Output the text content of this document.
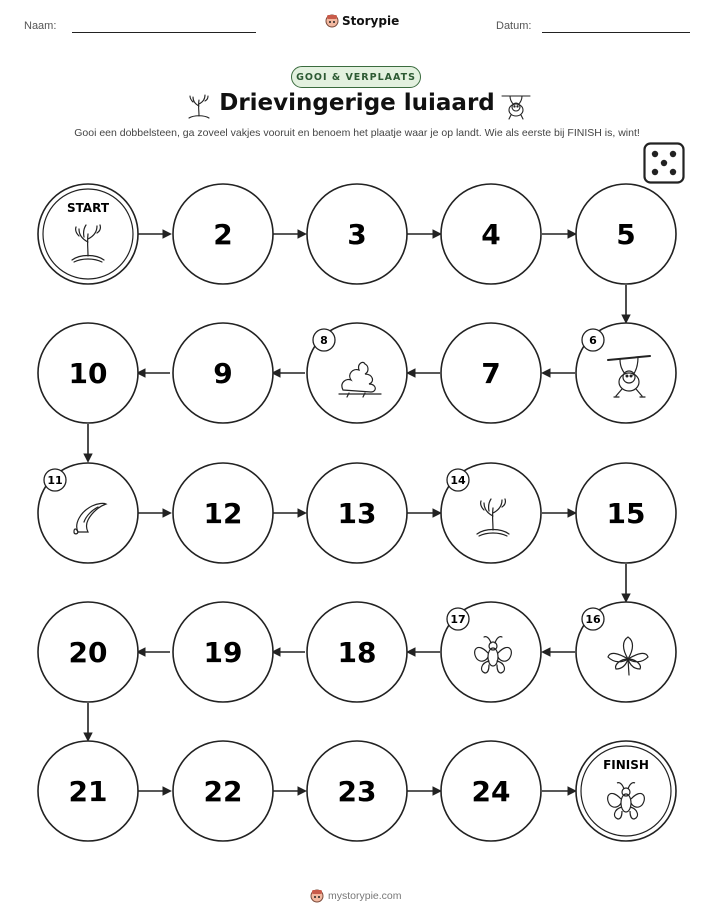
Naam:	Storypie	Datum:
GOOI & VERPLAATS
Drievingerige luiaard
Gooi een dobbelsteen, ga zoveel vakjes vooruit en benoem het plaatje waar je op landt. Wie als eerste bij FINISH is, wint!
START
FINISH
2	3	4	5
6
7
8
9
10
11
12	13
14
15
16
17
18
19
20
21	22	23	24
mystorypie.com
